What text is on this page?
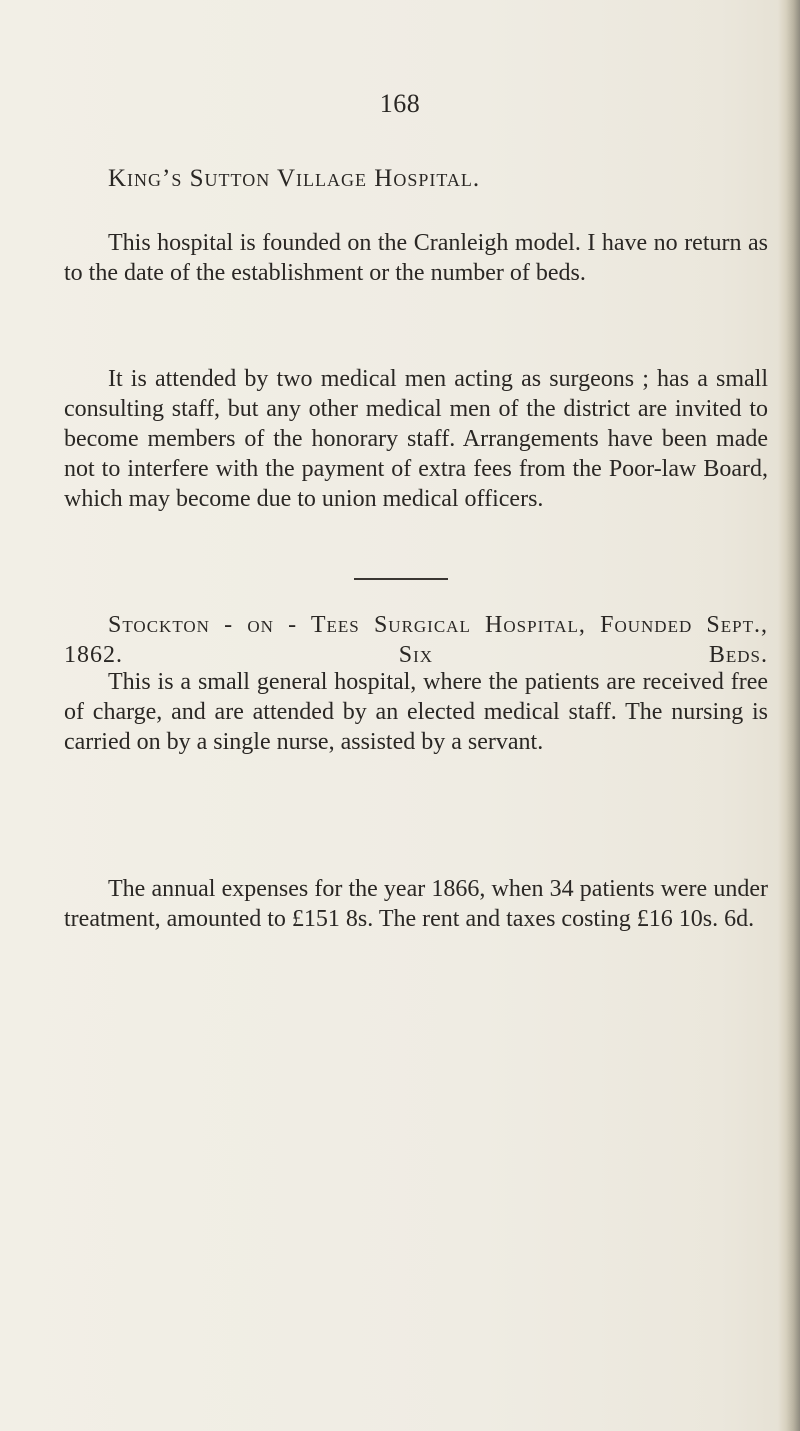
168
King’s Sutton Village Hospital.

This hospital is founded on the Cranleigh model. I have no return as to the date of the establishment or the number of beds.

It is attended by two medical men acting as surgeons ; has a small consulting staff, but any other medical men of the district are invited to become members of the honorary staff. Arrangements have been made not to interfere with the payment of extra fees from the Poor-law Board, which may become due to union medical officers.

Stockton - on - Tees Surgical Hospital, Founded Sept., 1862. Six Beds.

This is a small general hospital, where the patients are received free of charge, and are attended by an elected medical staff. The nursing is carried on by a single nurse, assisted by a servant.

The annual expenses for the year 1866, when 34 patients were under treatment, amounted to £151 8s. The rent and taxes costing £16 10s. 6d.
